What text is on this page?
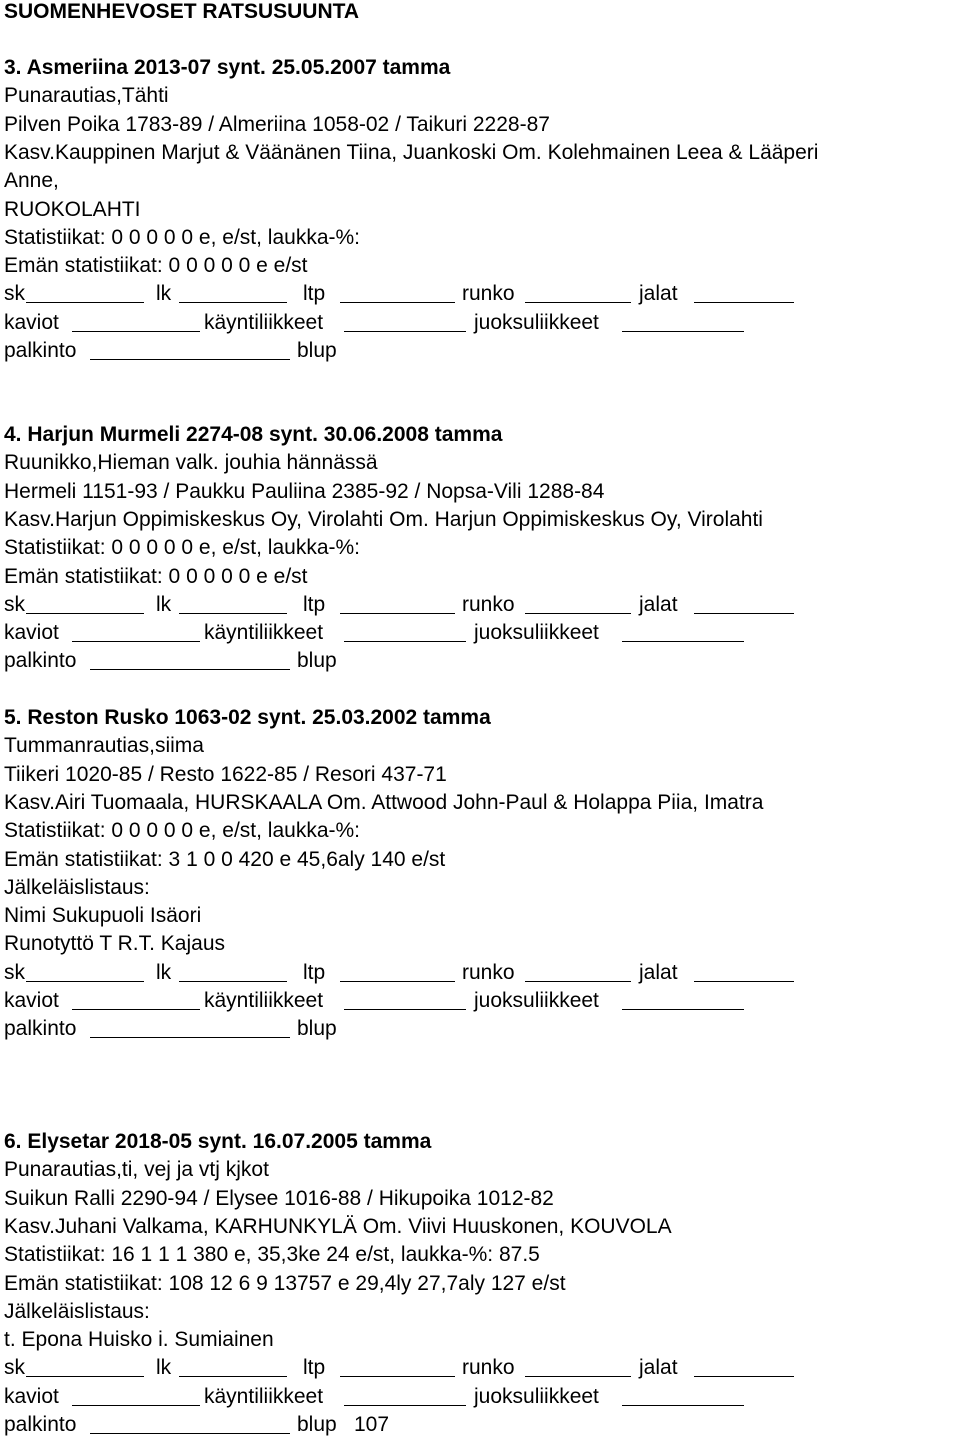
SUOMENHEVOSET RATSUSUUNTA
3. Asmeriina 2013-07 synt. 25.05.2007 tamma
Punarautias,Tähti
Pilven Poika 1783-89 / Almeriina 1058-02 / Taikuri 2228-87
Kasv.Kauppinen Marjut & Väänänen Tiina, Juankoski Om. Kolehmainen Leea & Lääperi
Anne,
RUOKOLAHTI
Statistiikat: 0 0 0 0 0 e, e/st, laukka-%:
Emän statistiikat: 0 0 0 0 0 e e/st
sk	lk	ltp	runko	jalat
kaviot	käyntiliikkeet	juoksuliikkeet
palkinto	blup
4. Harjun Murmeli 2274-08 synt. 30.06.2008 tamma
Ruunikko,Hieman valk. jouhia hännässä
Hermeli 1151-93 / Paukku Pauliina 2385-92 / Nopsa-Vili 1288-84
Kasv.Harjun Oppimiskeskus Oy, Virolahti Om. Harjun Oppimiskeskus Oy, Virolahti
Statistiikat: 0 0 0 0 0 e, e/st, laukka-%:
Emän statistiikat: 0 0 0 0 0 e e/st
sk	lk	ltp	runko	jalat
kaviot	käyntiliikkeet	juoksuliikkeet
palkinto	blup
5. Reston Rusko 1063-02 synt. 25.03.2002 tamma
Tummanrautias,siima
Tiikeri 1020-85 / Resto 1622-85 / Resori 437-71
Kasv.Airi Tuomaala, HURSKAALA Om. Attwood John-Paul & Holappa Piia, Imatra
Statistiikat: 0 0 0 0 0 e, e/st, laukka-%:
Emän statistiikat: 3 1 0 0 420 e 45,6aly 140 e/st
Jälkeläislistaus:
Nimi Sukupuoli Isäori
Runotyttö T R.T. Kajaus
sk	lk	ltp	runko	jalat
kaviot	käyntiliikkeet	juoksuliikkeet
palkinto	blup
6. Elysetar 2018-05 synt. 16.07.2005 tamma
Punarautias,ti, vej ja vtj kjkot
Suikun Ralli 2290-94 / Elysee 1016-88 / Hikupoika 1012-82
Kasv.Juhani Valkama, KARHUNKYLÄ Om. Viivi Huuskonen, KOUVOLA
Statistiikat: 16 1 1 1 380 e, 35,3ke 24 e/st, laukka-%: 87.5
Emän statistiikat: 108 12 6 9 13757 e 29,4ly 27,7aly 127 e/st
Jälkeläislistaus:
t. Epona Huisko i. Sumiainen
sk	lk	ltp	runko	jalat
kaviot	käyntiliikkeet	juoksuliikkeet
palkinto	blup 107
